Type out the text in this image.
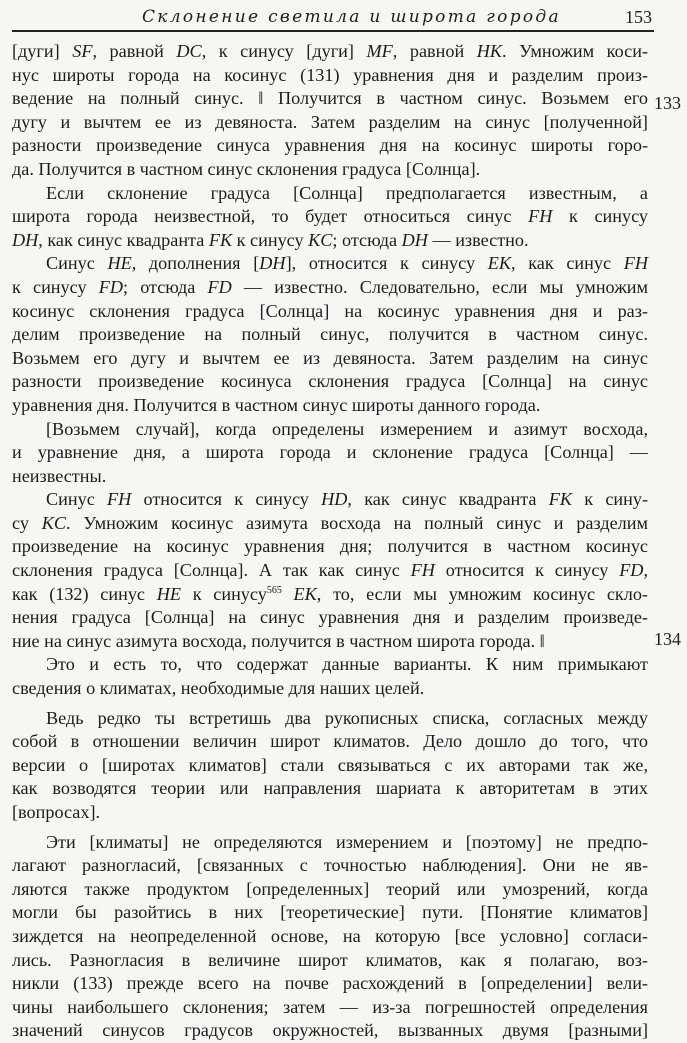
Склонение светила и широта города	153
133
134
[дуги] SF, равной DC, к синусу [дуги] MF, равной HK. Умножим коси-
нус широты города на косинус (131) уравнения дня и разделим произ-
ведение на полный синус. ‖ Получится в частном синус. Возьмем его
дугу и вычтем ее из девяноста. Затем разделим на синус [полученной]
разности произведение синуса уравнения дня на косинус широты горо-
да. Получится в частном синус склонения градуса [Солнца].
Если склонение градуса [Солнца] предполагается известным, а
широта города неизвестной, то будет относиться синус FH к синусу
DH, как синус квадранта FK к синусу KC; отсюда DH — известно.
Синус HE, дополнения [DH], относится к синусу EK, как синус FH
к синусу FD; отсюда FD — известно. Следовательно, если мы умножим
косинус склонения градуса [Солнца] на косинус уравнения дня и раз-
делим произведение на полный синус, получится в частном синус.
Возьмем его дугу и вычтем ее из девяноста. Затем разделим на синус
разности произведение косинуса склонения градуса [Солнца] на синус
уравнения дня. Получится в частном синус широты данного города.
[Возьмем случай], когда определены измерением и азимут восхода,
и уравнение дня, а широта города и склонение градуса [Солнца] —
неизвестны.
Синус FH относится к синусу HD, как синус квадранта FK к сину-
су KC. Умножим косинус азимута восхода на полный синус и разделим
произведение на косинус уравнения дня; получится в частном косинус
склонения градуса [Солнца]. А так как синус FH относится к синусу FD,
как (132) синус HE к синусу$^{565}$ EK, то, если мы умножим косинус скло-
нения градуса [Солнца] на синус уравнения дня и разделим произведе-
ние на синус азимута восхода, получится в частном широта города. ‖
Это и есть то, что содержат данные варианты. К ним примыкают
сведения о климатах, необходимые для наших целей.
Ведь редко ты встретишь два рукописных списка, согласных между
собой в отношении величин широт климатов. Дело дошло до того, что
версии о [широтах климатов] стали связываться с их авторами так же,
как возводятся теории или направления шариата к авторитетам в этих
[вопросах].
Эти [климаты] не определяются измерением и [поэтому] не предпо-
лагают разногласий, [связанных с точностью наблюдения]. Они не яв-
ляются также продуктом [определенных] теорий или умозрений, когда
могли бы разойтись в них [теоретические] пути. [Понятие климатов]
зиждется на неопределенной основе, на которую [все условно] согласи-
лись. Разногласия в величине широт климатов, как я полагаю, воз-
никли (133) прежде всего на почве расхождений в [определении] вели-
чины наибольшего склонения; затем — из-за погрешностей определения
значений синусов градусов окружностей, вызванных двумя [разными]
